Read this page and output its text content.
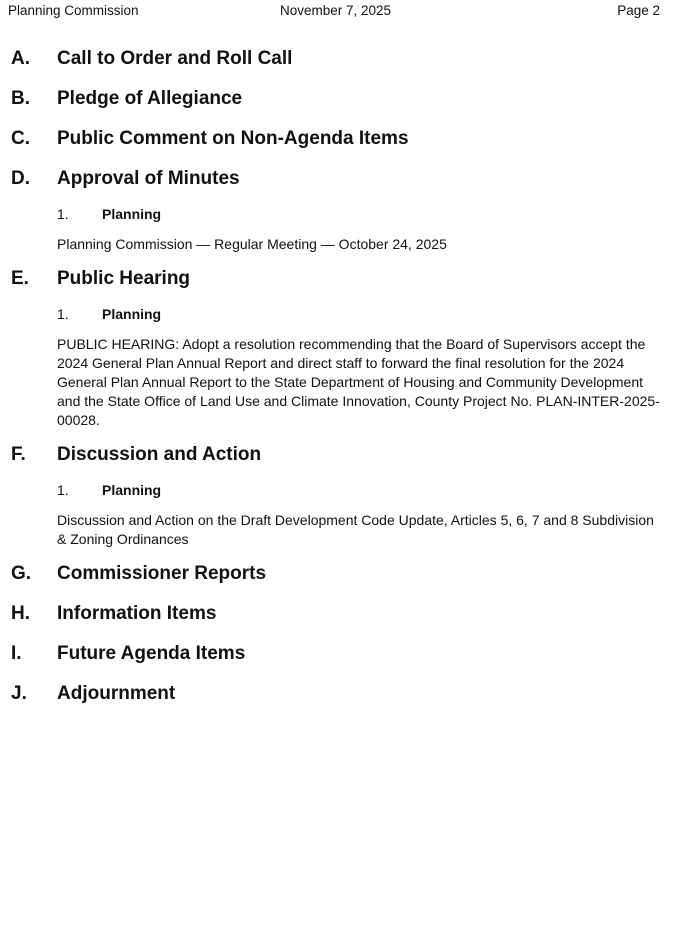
Planning Commission	November 7, 2025	Page 2
A.	Call to Order and Roll Call
B.	Pledge of Allegiance
C.	Public Comment on Non-Agenda Items
D.	Approval of Minutes
1.	Planning
Planning Commission — Regular Meeting — October 24, 2025
E.	Public Hearing
1.	Planning
PUBLIC HEARING: Adopt a resolution recommending that the Board of Supervisors accept the 2024 General Plan Annual Report and direct staff to forward the final resolution for the 2024 General Plan Annual Report to the State Department of Housing and Community Development and the State Office of Land Use and Climate Innovation, County Project No. PLAN-INTER-2025-00028.
F.	Discussion and Action
1.	Planning
Discussion and Action on the Draft Development Code Update, Articles 5, 6, 7 and 8 Subdivision & Zoning Ordinances
G.	Commissioner Reports
H.	Information Items
I.	Future Agenda Items
J.	Adjournment
